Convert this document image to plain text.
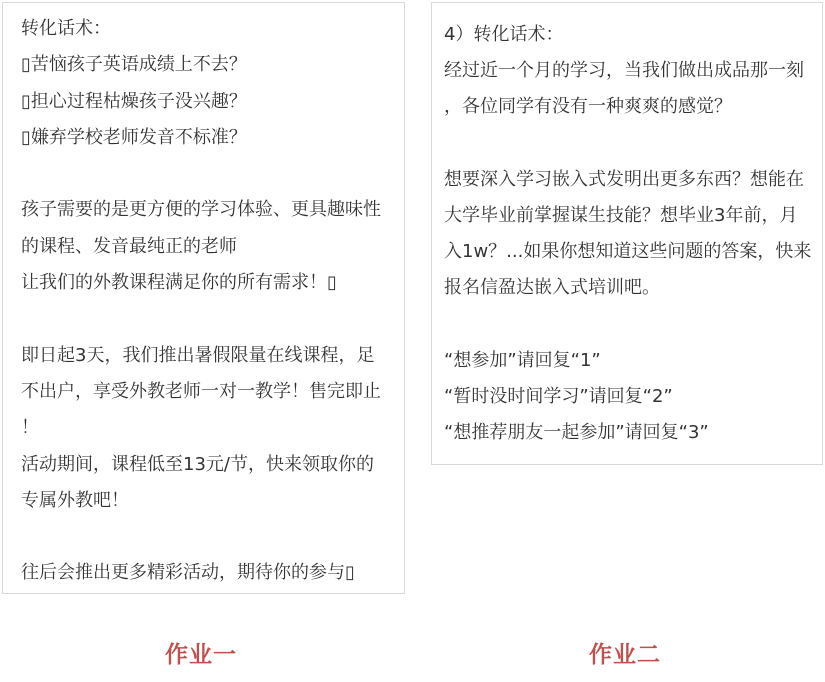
转化话术：
▯苦恼孩子英语成绩上不去？
▯担心过程枯燥孩子没兴趣？
▯嫌弃学校老师发音不标准？
孩子需要的是更方便的学习体验、更具趣味性
的课程、发音最纯正的老师
让我们的外教课程满足你的所有需求！▯
即日起3天，我们推出暑假限量在线课程，足
不出户，享受外教老师一对一教学！售完即止
！
活动期间，课程低至13元/节，快来领取你的
专属外教吧！
往后会推出更多精彩活动，期待你的参与▯
4）转化话术：
经过近一个月的学习，当我们做出成品那一刻
，各位同学有没有一种爽爽的感觉？
想要深入学习嵌入式发明出更多东西？想能在
大学毕业前掌握谋生技能？想毕业3年前，月
入1w？...如果你想知道这些问题的答案，快来
报名信盈达嵌入式培训吧。
“想参加”请回复“1”
“暂时没时间学习”请回复“2”
“想推荐朋友一起参加”请回复“3”
作业一	作业二
